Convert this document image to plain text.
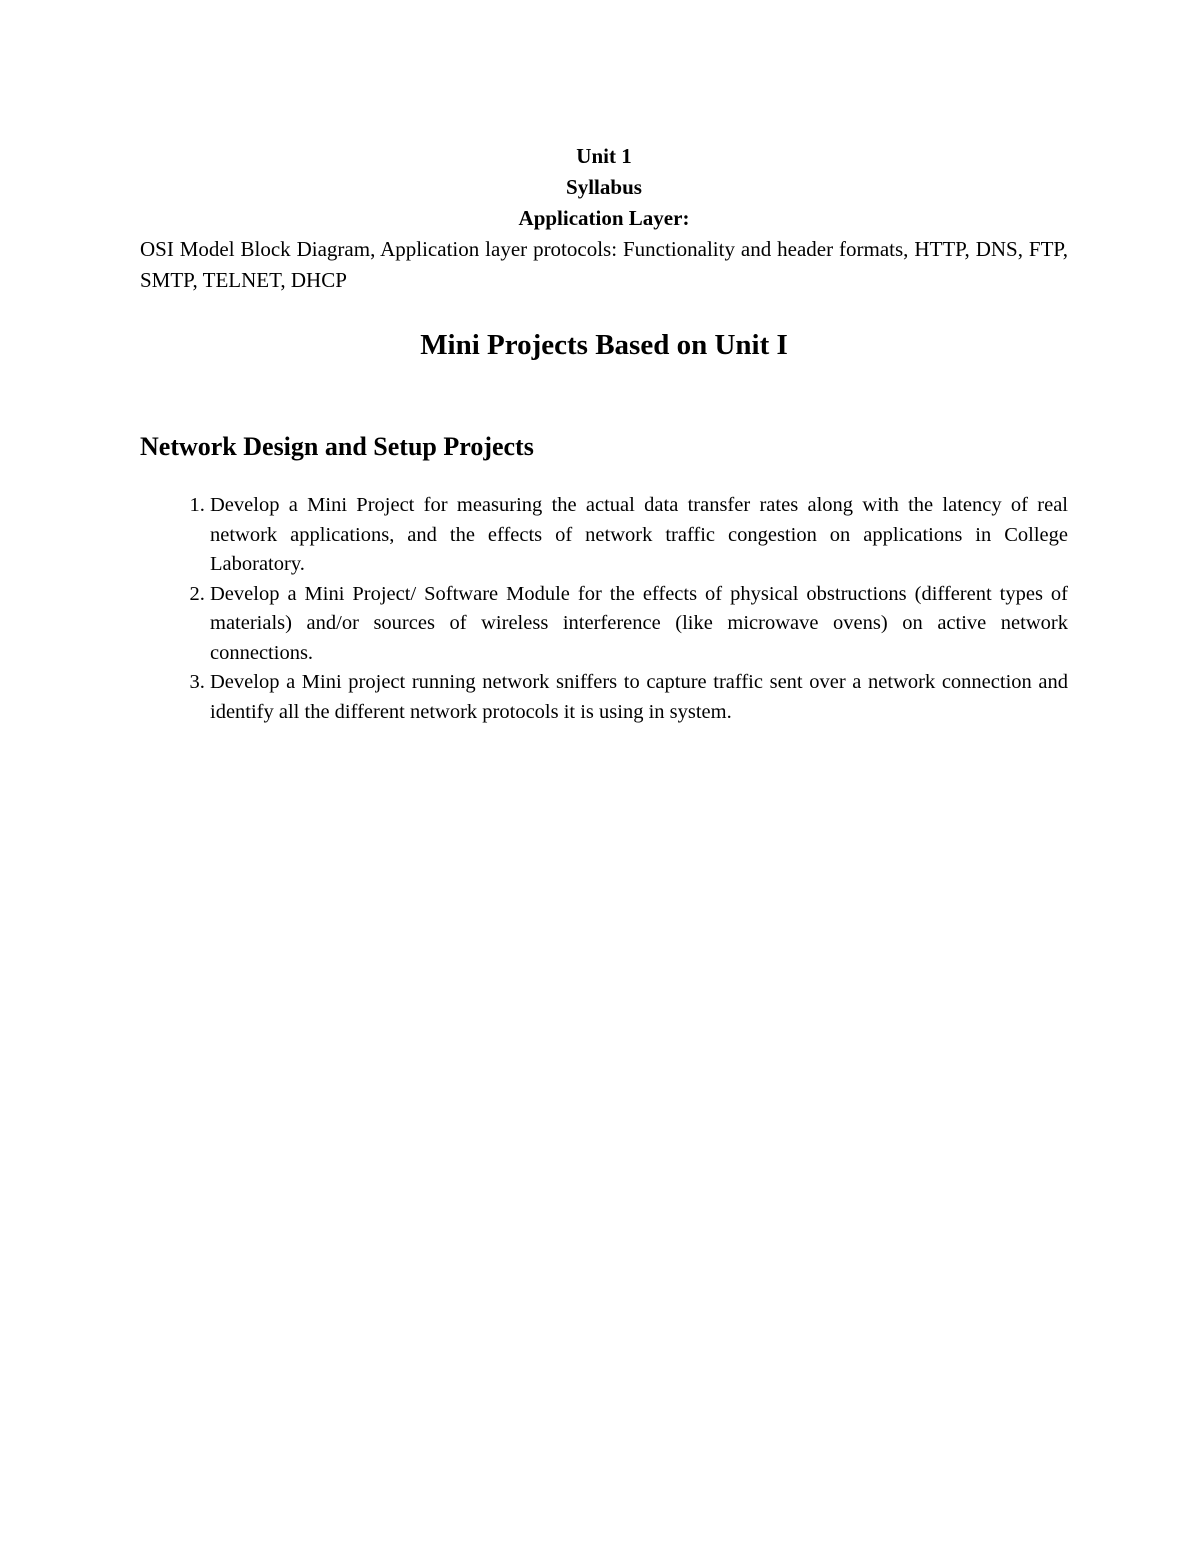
Unit 1

Syllabus

Application Layer:

OSI Model Block Diagram, Application layer protocols: Functionality and header formats, HTTP, DNS, FTP, SMTP, TELNET, DHCP

Mini Projects Based on Unit I
Network Design and Setup Projects
1. Develop a Mini Project for measuring the actual data transfer rates along with the latency of real network applications, and the effects of network traffic congestion on applications in College Laboratory.
2. Develop a Mini Project/ Software Module for the effects of physical obstructions (different types of materials) and/or sources of wireless interference (like microwave ovens) on active network connections.
3. Develop a Mini project running network sniffers to capture traffic sent over a network connection and identify all the different network protocols it is using in system.
